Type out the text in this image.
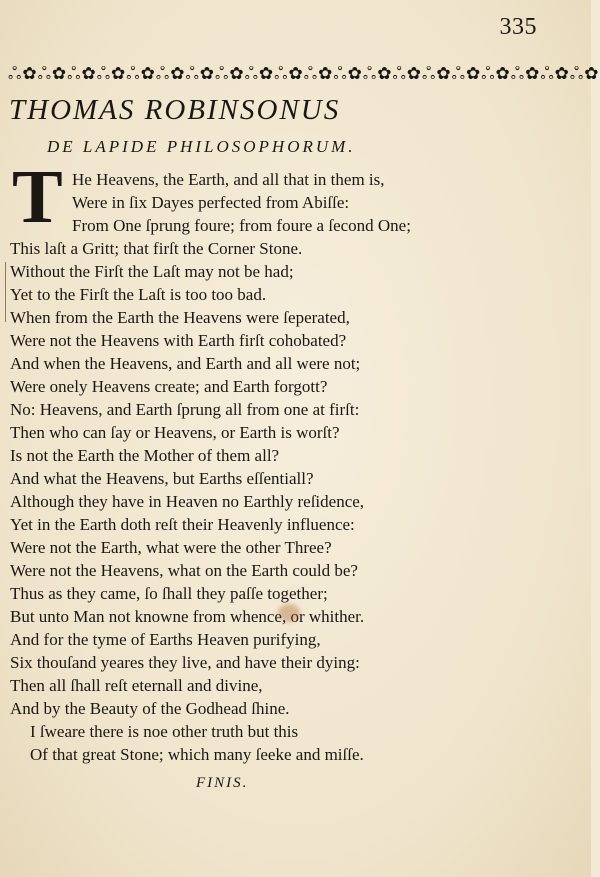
335
ஃ✿ஃ✿ஃ✿ஃ✿ஃ✿ஃ✿ஃ✿ஃ✿ஃ✿ஃ✿ஃ✿ஃ✿ஃ✿ஃ✿ஃ✿ஃ✿ஃ✿ஃ✿ஃ✿ஃ✿
THOMAS ROBINSONUS
DE LAPIDE PHILOSOPHORUM.
T He Heavens, the Earth, and all that in them is,
Were in ſix Dayes perfected from Abiſſe:
From One ſprung foure; from foure a ſecond One;
This laſt a Gritt; that firſt the Corner Stone.
Without the Firſt the Laſt may not be had;
Yet to the Firſt the Laſt is too too bad.
When from the Earth the Heavens were ſeperated,
Were not the Heavens with Earth firſt cohobated?
And when the Heavens, and Earth and all were not;
Were onely Heavens create; and Earth forgott?
No: Heavens, and Earth ſprung all from one at firſt:
Then who can ſay or Heavens, or Earth is worſt?
Is not the Earth the Mother of them all?
And what the Heavens, but Earths eſſentiall?
Although they have in Heaven no Earthly reſidence,
Yet in the Earth doth reſt their Heavenly influence:
Were not the Earth, what were the other Three?
Were not the Heavens, what on the Earth could be?
Thus as they came, ſo ſhall they paſſe together;
But unto Man not knowne from whence, or whither.
And for the tyme of Earths Heaven purifying,
Six thouſand yeares they live, and have their dying:
Then all ſhall reſt eternall and divine,
And by the Beauty of the Godhead ſhine.
I ſweare there is noe other truth but this
Of that great Stone; which many ſeeke and miſſe.
FINIS.
